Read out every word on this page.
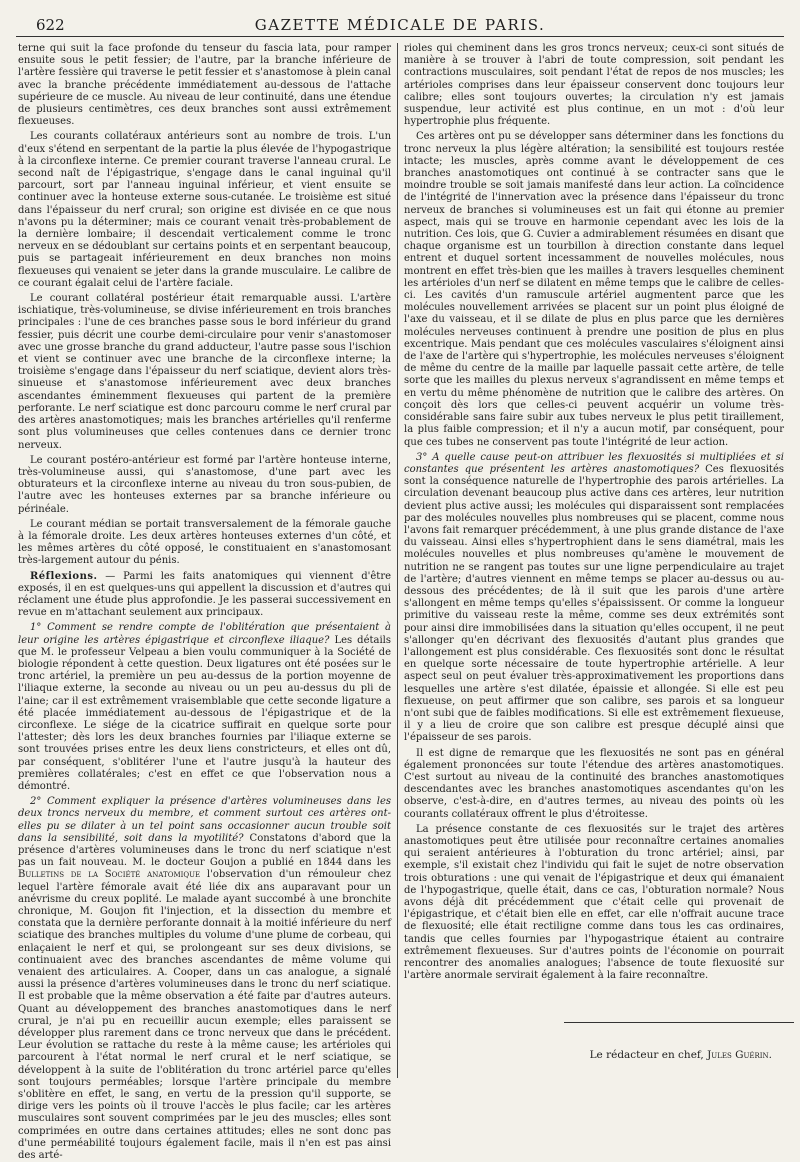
622	GAZETTE MÉDICALE DE PARIS.

terne qui suit la face profonde du tenseur du fascia lata, pour ramper ensuite sous le petit fessier; de l'autre, par la branche inférieure de l'artère fessière qui traverse le petit fessier et s'anastomose à plein canal avec la branche précédente immédiatement au-dessous de l'attache supérieure de ce muscle. Au niveau de leur continuité, dans une étendue de plusieurs centimètres, ces deux branches sont aussi extrêmement flexueuses.

Les courants collatéraux antérieurs sont au nombre de trois. L'un d'eux s'étend en serpentant de la partie la plus élevée de l'hypogastrique à la circonflexe interne. Ce premier courant traverse l'anneau crural. Le second naît de l'épigastrique, s'engage dans le canal inguinal qu'il parcourt, sort par l'anneau inguinal inférieur, et vient ensuite se continuer avec la honteuse externe sous-cutanée. Le troisième est situé dans l'épaisseur du nerf crural; son origine est divisée en ce que nous n'avons pu la déterminer; mais ce courant venait très-probablement de la dernière lombaire; il descendait verticalement comme le tronc nerveux en se dédoublant sur certains points et en serpentant beaucoup, puis se partageait inférieurement en deux branches non moins flexueuses qui venaient se jeter dans la grande musculaire. Le calibre de ce courant égalait celui de l'artère faciale.

Le courant collatéral postérieur était remarquable aussi. L'artère ischiatique, très-volumineuse, se divise inférieurement en trois branches principales : l'une de ces branches passe sous le bord inférieur du grand fessier, puis décrit une courbe demi-circulaire pour venir s'anastomoser avec une grosse branche du grand adducteur, l'autre passe sous l'ischion et vient se continuer avec une branche de la circonflexe interne; la troisième s'engage dans l'épaisseur du nerf sciatique, devient alors très-sinueuse et s'anastomose inférieurement avec deux branches ascendantes éminemment flexueuses qui partent de la première perforante. Le nerf sciatique est donc parcouru comme le nerf crural par des artères anastomotiques; mais les branches artérielles qu'il renferme sont plus volumineuses que celles contenues dans ce dernier tronc nerveux.

Le courant postéro-antérieur est formé par l'artère honteuse interne, très-volumineuse aussi, qui s'anastomose, d'une part avec les obturateurs et la circonflexe interne au niveau du tron sous-pubien, de l'autre avec les honteuses externes par sa branche inférieure ou périnéale.

Le courant médian se portait transversalement de la fémorale gauche à la fémorale droite. Les deux artères honteuses externes d'un côté, et les mêmes artères du côté opposé, le constituaient en s'anastomosant très-largement autour du pénis.

Réflexions. — Parmi les faits anatomiques qui viennent d'être exposés, il en est quelques-uns qui appellent la discussion et d'autres qui réclament une étude plus approfondie. Je les passerai successivement en revue en m'attachant seulement aux principaux.

1° Comment se rendre compte de l'oblitération que présentaient à leur origine les artères épigastrique et circonflexe iliaque? Les détails que M. le professeur Velpeau a bien voulu communiquer à la Société de biologie répondent à cette question. Deux ligatures ont été posées sur le tronc artériel, la première un peu au-dessus de la portion moyenne de l'iliaque externe, la seconde au niveau ou un peu au-dessus du pli de l'aine; car il est extrêmement vraisemblable que cette seconde ligature a été placée immédiatement au-dessous de l'épigastrique et de la circonflexe. Le siége de la cicatrice suffirait en quelque sorte pour l'attester; dès lors les deux branches fournies par l'iliaque externe se sont trouvées prises entre les deux liens constricteurs, et elles ont dû, par conséquent, s'oblitérer l'une et l'autre jusqu'à la hauteur des premières collatérales; c'est en effet ce que l'observation nous a démontré.

2° Comment expliquer la présence d'artères volumineuses dans les deux troncs nerveux du membre, et comment surtout ces artères ont-elles pu se dilater à un tel point sans occasionner aucun trouble soit dans la sensibilité, soit dans la myotilité? Constatons d'abord que la présence d'artères volumineuses dans le tronc du nerf sciatique n'est pas un fait nouveau. M. le docteur Goujon a publié en 1844 dans les Bulletins de la Société anatomique l'observation d'un rémouleur chez lequel l'artère fémorale avait été liée dix ans auparavant pour un anévrisme du creux poplité. Le malade ayant succombé à une bronchite chronique, M. Goujon fit l'injection, et la dissection du membre et constata que la dernière perforante donnait à la moitié inférieure du nerf sciatique des branches multiples du volume d'une plume de corbeau, qui enlaçaient le nerf et qui, se prolongeant sur ses deux divisions, se continuaient avec des branches ascendantes de même volume qui venaient des articulaires. A. Cooper, dans un cas analogue, a signalé aussi la présence d'artères volumineuses dans le tronc du nerf sciatique. Il est probable que la même observation a été faite par d'autres auteurs. Quant au développement des branches anastomotiques dans le nerf crural, je n'ai pu en recueillir aucun exemple; elles paraissent se développer plus rarement dans ce tronc nerveux que dans le précédent. Leur évolution se rattache du reste à la même cause; les artérioles qui parcourent à l'état normal le nerf crural et le nerf sciatique, se développent à la suite de l'oblitération du tronc artériel parce qu'elles sont toujours perméables; lorsque l'artère principale du membre s'oblitère en effet, le sang, en vertu de la pression qu'il supporte, se dirige vers les points où il trouve l'accès le plus facile; car les artères musculaires sont souvent comprimées par le jeu des muscles; elles sont comprimées en outre dans certaines attitudes; elles ne sont donc pas d'une perméabilité toujours également facile, mais il n'en est pas ainsi des arté-

rioles qui cheminent dans les gros troncs nerveux; ceux-ci sont situés de manière à se trouver à l'abri de toute compression, soit pendant les contractions musculaires, soit pendant l'état de repos de nos muscles; les artérioles comprises dans leur épaisseur conservent donc toujours leur calibre; elles sont toujours ouvertes; la circulation n'y est jamais suspendue, leur activité est plus continue, en un mot : d'où leur hypertrophie plus fréquente.

Ces artères ont pu se développer sans déterminer dans les fonctions du tronc nerveux la plus légère altération; la sensibilité est toujours restée intacte; les muscles, après comme avant le développement de ces branches anastomotiques ont continué à se contracter sans que le moindre trouble se soit jamais manifesté dans leur action. La coïncidence de l'intégrité de l'innervation avec la présence dans l'épaisseur du tronc nerveux de branches si volumineuses est un fait qui étonne au premier aspect, mais qui se trouve en harmonie cependant avec les lois de la nutrition. Ces lois, que G. Cuvier a admirablement résumées en disant que chaque organisme est un tourbillon à direction constante dans lequel entrent et duquel sortent incessamment de nouvelles molécules, nous montrent en effet très-bien que les mailles à travers lesquelles cheminent les artérioles d'un nerf se dilatent en même temps que le calibre de celles-ci. Les cavités d'un ramuscule artériel augmentent parce que les molécules nouvellement arrivées se placent sur un point plus éloigné de l'axe du vaisseau, et il se dilate de plus en plus parce que les dernières molécules nerveuses continuent à prendre une position de plus en plus excentrique. Mais pendant que ces molécules vasculaires s'éloignent ainsi de l'axe de l'artère qui s'hypertrophie, les molécules nerveuses s'éloignent de même du centre de la maille par laquelle passait cette artère, de telle sorte que les mailles du plexus nerveux s'agrandissent en même temps et en vertu du même phénomène de nutrition que le calibre des artères. On conçoit dès lors que celles-ci peuvent acquérir un volume très-considérable sans faire subir aux tubes nerveux le plus petit tiraillement, la plus faible compression; et il n'y a aucun motif, par conséquent, pour que ces tubes ne conservent pas toute l'intégrité de leur action.

3° A quelle cause peut-on attribuer les flexuosités si multipliées et si constantes que présentent les artères anastomotiques? Ces flexuosités sont la conséquence naturelle de l'hypertrophie des parois artérielles. La circulation devenant beaucoup plus active dans ces artères, leur nutrition devient plus active aussi; les molécules qui disparaissent sont remplacées par des molécules nouvelles plus nombreuses qui se placent, comme nous l'avons fait remarquer précédemment, à une plus grande distance de l'axe du vaisseau. Ainsi elles s'hypertrophient dans le sens diamétral, mais les molécules nouvelles et plus nombreuses qu'amène le mouvement de nutrition ne se rangent pas toutes sur une ligne perpendiculaire au trajet de l'artère; d'autres viennent en même temps se placer au-dessus ou au-dessous des précédentes; de là il suit que les parois d'une artère s'allongent en même temps qu'elles s'épaississent. Or comme la longueur primitive du vaisseau reste la même, comme ses deux extrémités sont pour ainsi dire immobilisées dans la situation qu'elles occupent, il ne peut s'allonger qu'en décrivant des flexuosités d'autant plus grandes que l'allongement est plus considérable. Ces flexuosités sont donc le résultat en quelque sorte nécessaire de toute hypertrophie artérielle. A leur aspect seul on peut évaluer très-approximativement les proportions dans lesquelles une artère s'est dilatée, épaissie et allongée. Si elle est peu flexueuse, on peut affirmer que son calibre, ses parois et sa longueur n'ont subi que de faibles modifications. Si elle est extrêmement flexueuse, il y a lieu de croire que son calibre est presque décuplé ainsi que l'épaisseur de ses parois.

Il est digne de remarque que les flexuosités ne sont pas en général également prononcées sur toute l'étendue des artères anastomotiques. C'est surtout au niveau de la continuité des branches anastomotiques descendantes avec les branches anastomotiques ascendantes qu'on les observe, c'est-à-dire, en d'autres termes, au niveau des points où les courants collatéraux offrent le plus d'étroitesse.

La présence constante de ces flexuosités sur le trajet des artères anastomotiques peut être utilisée pour reconnaître certaines anomalies qui seraient antérieures à l'obturation du tronc artériel; ainsi, par exemple, s'il existait chez l'individu qui fait le sujet de notre observation trois obturations : une qui venait de l'épigastrique et deux qui émanaient de l'hypogastrique, quelle était, dans ce cas, l'obturation normale? Nous avons déjà dit précédemment que c'était celle qui provenait de l'épigastrique, et c'était bien elle en effet, car elle n'offrait aucune trace de flexuosité; elle était rectiligne comme dans tous les cas ordinaires, tandis que celles fournies par l'hypogastrique étaient au contraire extrêmement flexueuses. Sur d'autres points de l'économie on pourrait rencontrer des anomalies analogues; l'absence de toute flexuosité sur l'artère anormale servirait également à la faire reconnaître.

Le rédacteur en chef, Jules Guérin.
